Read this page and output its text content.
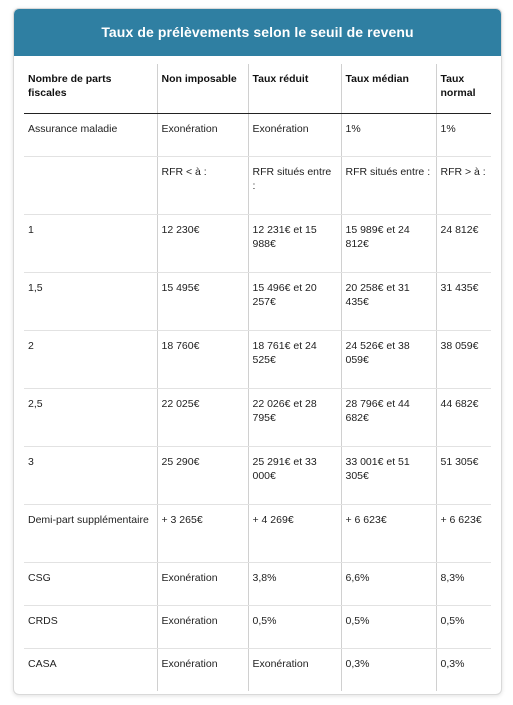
Taux de prélèvements selon le seuil de revenu
Nombre de parts fiscales	Non imposable	Taux réduit	Taux médian	Taux normal
Assurance maladie	Exonération	Exonération	1%	1%
	RFR < à :	RFR situés entre :	RFR situés entre :	RFR > à :
1	12 230€	12 231€ et 15 988€	15 989€ et 24 812€	24 812€
1,5	15 495€	15 496€ et 20 257€	20 258€ et 31 435€	31 435€
2	18 760€	18 761€ et 24 525€	24 526€ et 38 059€	38 059€
2,5	22 025€	22 026€ et 28 795€	28 796€ et 44 682€	44 682€
3	25 290€	25 291€ et 33 000€	33 001€ et 51 305€	51 305€
Demi-part supplémentaire	+ 3 265€	+ 4 269€	+ 6 623€	+ 6 623€
CSG	Exonération	3,8%	6,6%	8,3%
CRDS	Exonération	0,5%	0,5%	0,5%
CASA	Exonération	Exonération	0,3%	0,3%
